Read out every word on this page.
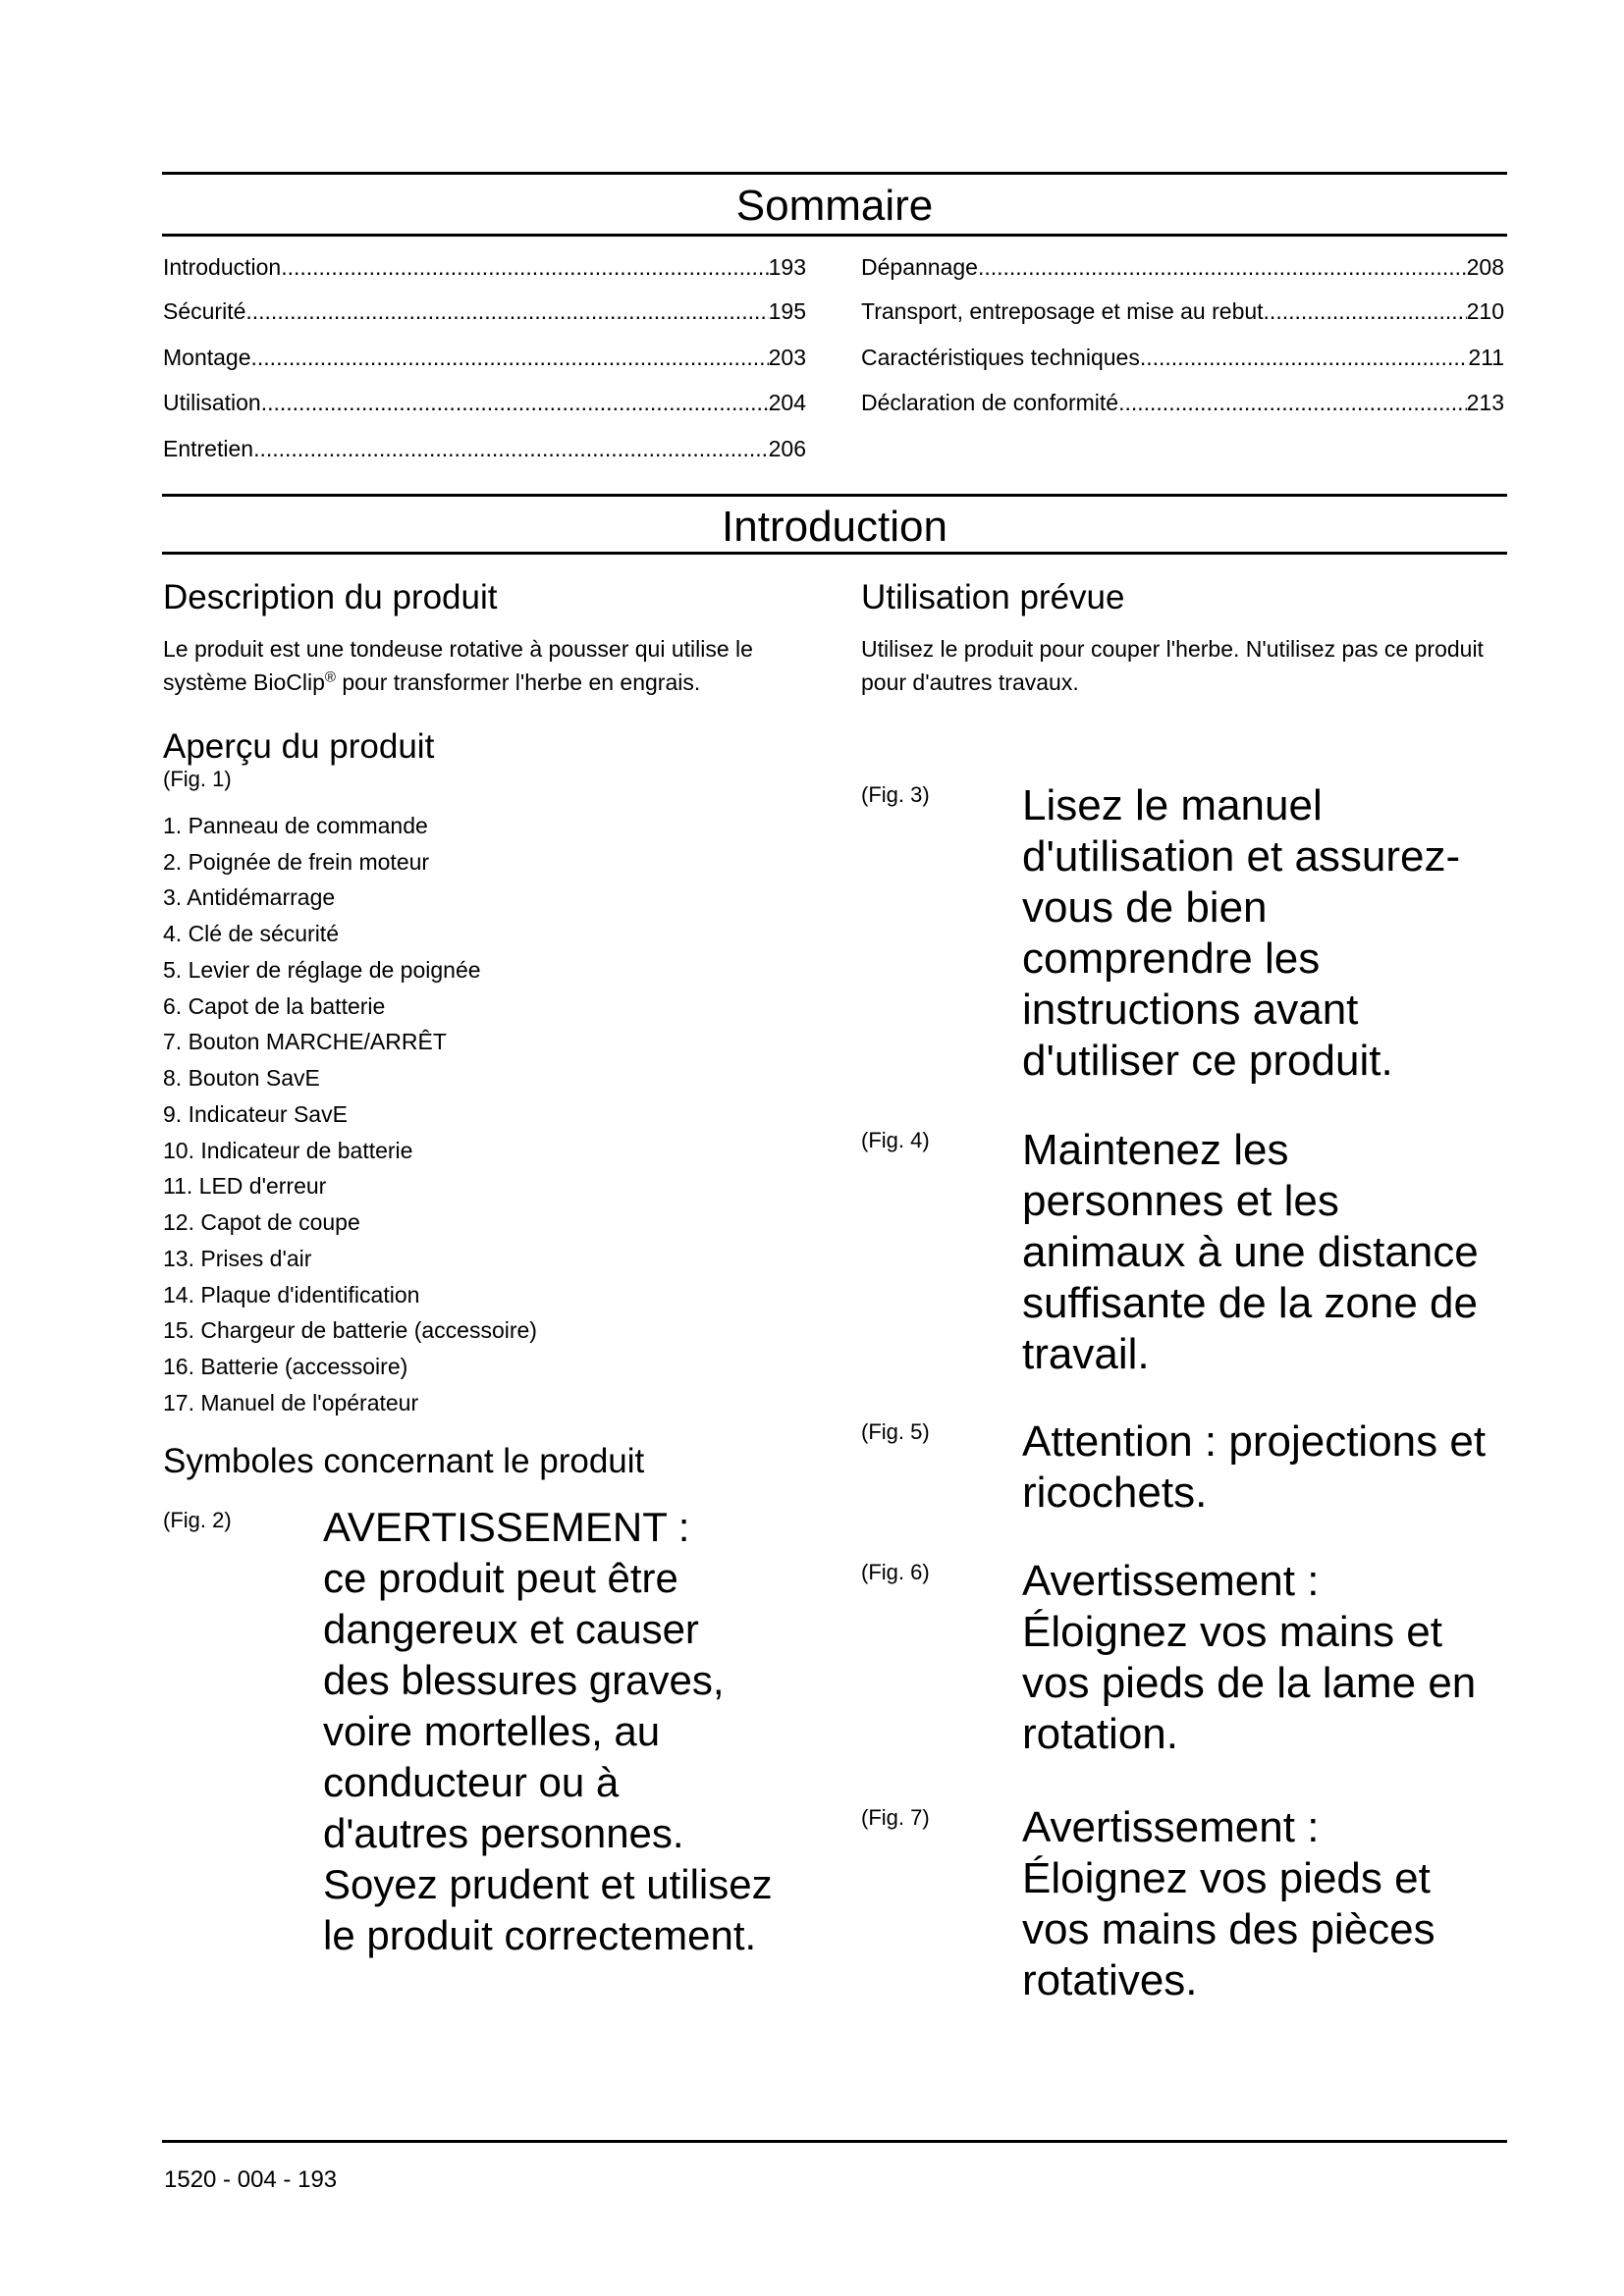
Sommaire
Introduction .....	193
Sécurité .....	195
Montage .....	203
Utilisation .....	204
Entretien .....	206
Dépannage .....	208
Transport, entreposage et mise au rebut .....	210
Caractéristiques techniques .....	211
Déclaration de conformité .....	213
Introduction
Description du produit
Le produit est une tondeuse rotative à pousser qui utilise le système BioClip® pour transformer l'herbe en engrais.
Aperçu du produit
(Fig. 1)
1. Panneau de commande
2. Poignée de frein moteur
3. Antidémarrage
4. Clé de sécurité
5. Levier de réglage de poignée
6. Capot de la batterie
7. Bouton MARCHE/ARRÊT
8. Bouton SavE
9. Indicateur SavE
10. Indicateur de batterie
11. LED d'erreur
12. Capot de coupe
13. Prises d'air
14. Plaque d'identification
15. Chargeur de batterie (accessoire)
16. Batterie (accessoire)
17. Manuel de l'opérateur
Symboles concernant le produit
(Fig. 2) AVERTISSEMENT :
ce produit peut être
dangereux et causer
des blessures graves,
voire mortelles, au
conducteur ou à
d'autres personnes.
Soyez prudent et utilisez
le produit correctement.
Utilisation prévue
Utilisez le produit pour couper l'herbe. N'utilisez pas ce produit pour d'autres travaux.
(Fig. 3) Lisez le manuel
d'utilisation et assurez-
vous de bien
comprendre les
instructions avant
d'utiliser ce produit.
(Fig. 4) Maintenez les
personnes et les
animaux à une distance
suffisante de la zone de
travail.
(Fig. 5) Attention : projections et
ricochets.
(Fig. 6) Avertissement :
Éloignez vos mains et
vos pieds de la lame en
rotation.
(Fig. 7) Avertissement :
Éloignez vos pieds et
vos mains des pièces
rotatives.
1520 - 004 - 193
